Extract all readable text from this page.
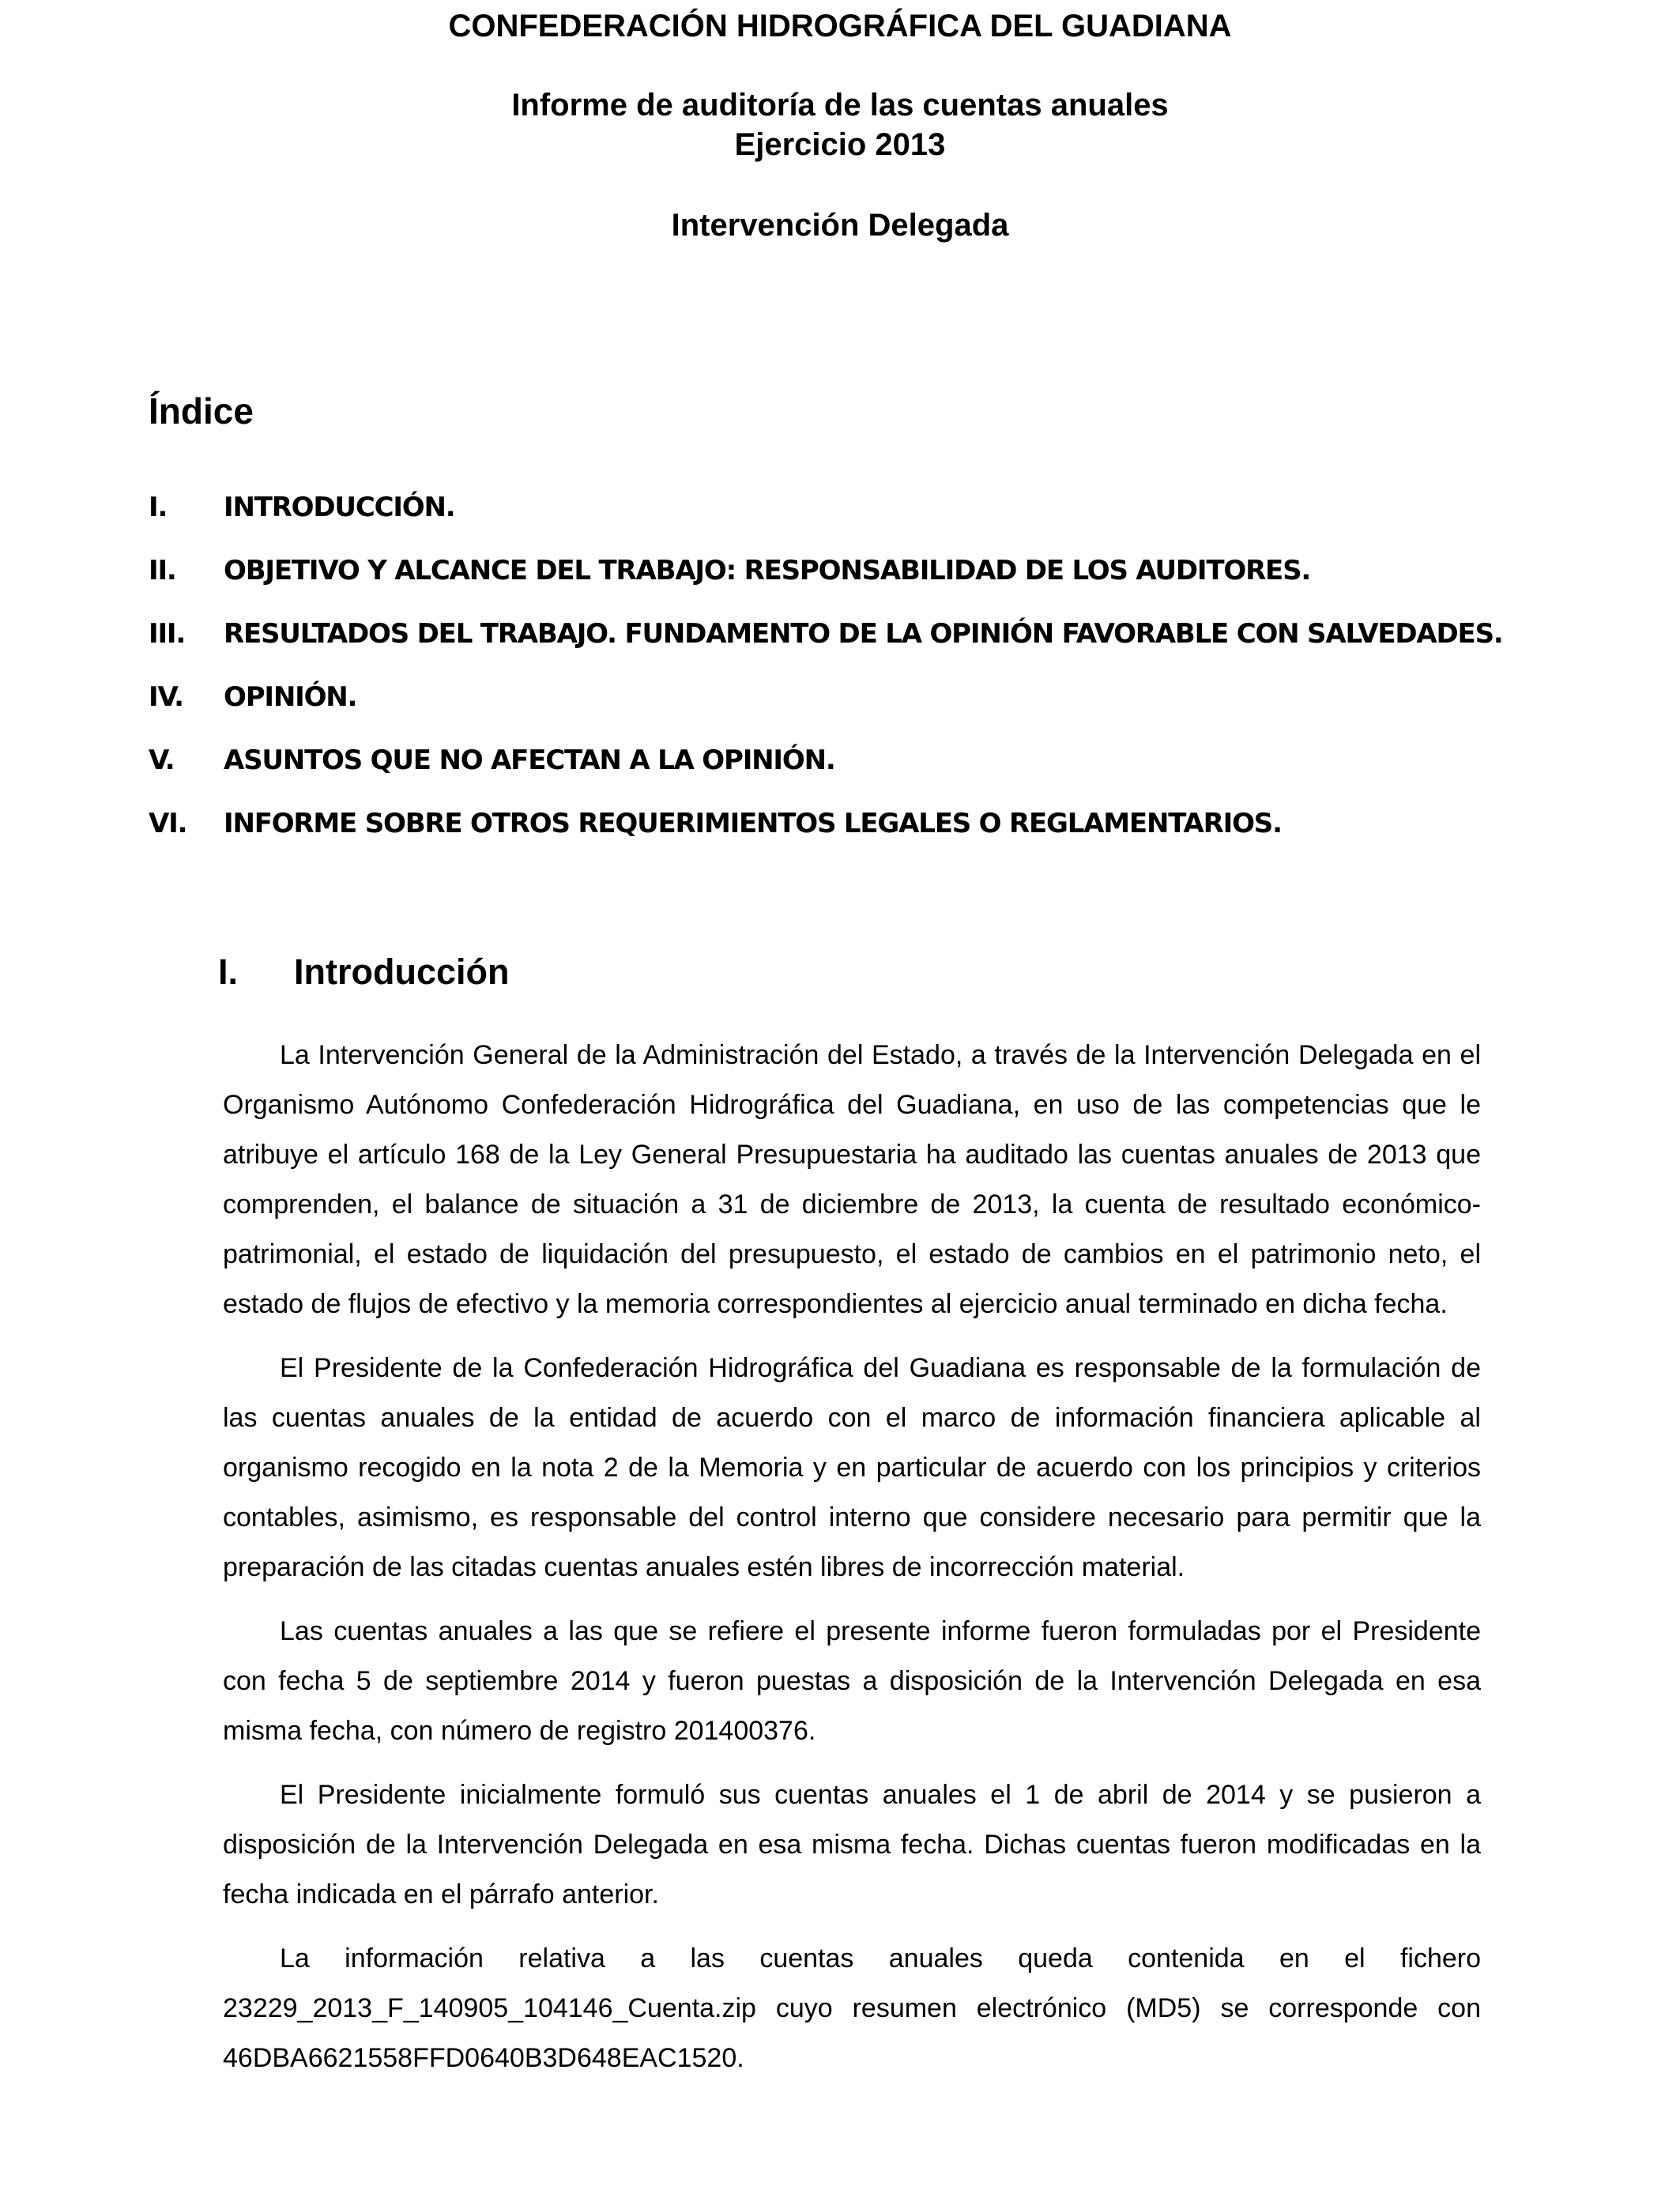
CONFEDERACIÓN HIDROGRÁFICA DEL GUADIANA
Informe de auditoría de las cuentas anuales
Ejercicio 2013
Intervención Delegada
Índice
I. INTRODUCCIÓN.
II. OBJETIVO Y ALCANCE DEL TRABAJO: RESPONSABILIDAD DE LOS AUDITORES.
III. RESULTADOS DEL TRABAJO. FUNDAMENTO DE LA OPINIÓN FAVORABLE CON SALVEDADES.
IV. OPINIÓN.
V. ASUNTOS QUE NO AFECTAN A LA OPINIÓN.
VI. INFORME SOBRE OTROS REQUERIMIENTOS LEGALES O REGLAMENTARIOS.
I. Introducción

La Intervención General de la Administración del Estado, a través de la Intervención Delegada en el Organismo Autónomo Confederación Hidrográfica del Guadiana, en uso de las competencias que le atribuye el artículo 168 de la Ley General Presupuestaria ha auditado las cuentas anuales de 2013 que comprenden, el balance de situación a 31 de diciembre de 2013, la cuenta de resultado económico-patrimonial, el estado de liquidación del presupuesto, el estado de cambios en el patrimonio neto, el estado de flujos de efectivo y la memoria correspondientes al ejercicio anual terminado en dicha fecha.

El Presidente de la Confederación Hidrográfica del Guadiana es responsable de la formulación de las cuentas anuales de la entidad de acuerdo con el marco de información financiera aplicable al organismo recogido en la nota 2 de la Memoria y en particular de acuerdo con los principios y criterios contables, asimismo, es responsable del control interno que considere necesario para permitir que la preparación de las citadas cuentas anuales estén libres de incorrección material.

Las cuentas anuales a las que se refiere el presente informe fueron formuladas por el Presidente con fecha 5 de septiembre 2014 y fueron puestas a disposición de la Intervención Delegada en esa misma fecha, con número de registro 201400376.

El Presidente inicialmente formuló sus cuentas anuales el 1 de abril de 2014 y se pusieron a disposición de la Intervención Delegada en esa misma fecha. Dichas cuentas fueron modificadas en la fecha indicada en el párrafo anterior.

La información relativa a las cuentas anuales queda contenida en el fichero 23229_2013_F_140905_104146_Cuenta.zip cuyo resumen electrónico (MD5) se corresponde con 46DBA6621558FFD0640B3D648EAC1520.
